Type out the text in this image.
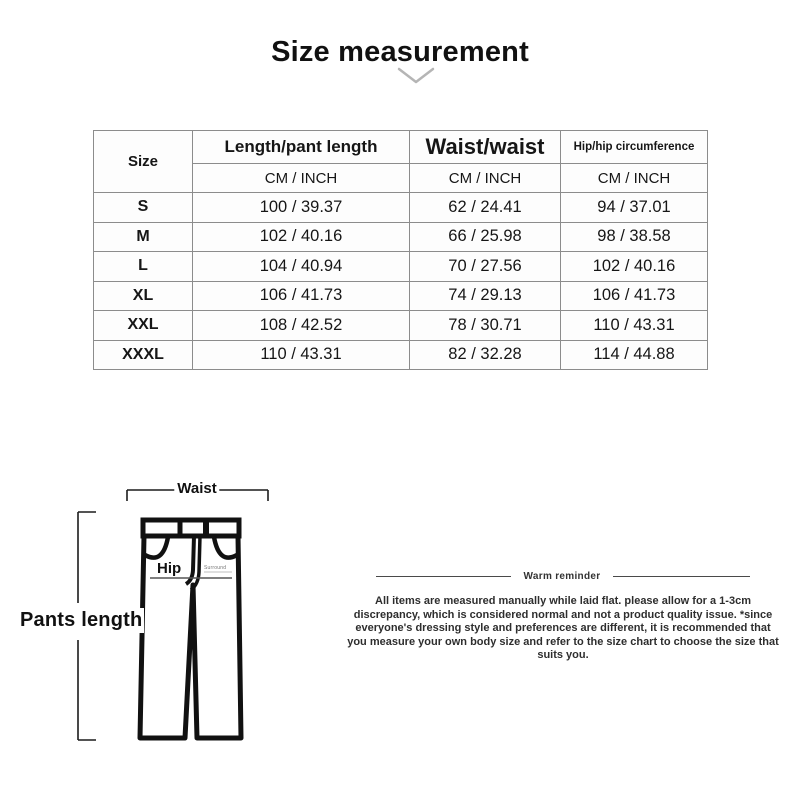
Size measurement
Size	Length/pant length	Waist/waist	Hip/hip circumference
	CM / INCH	CM / INCH	CM / INCH
S	100 / 39.37	62 / 24.41	94 / 37.01
M	102 / 40.16	66 / 25.98	98 / 38.58
L	104 / 40.94	70 / 27.56	102 / 40.16
XL	106 / 41.73	74 / 29.13	106 / 41.73
XXL	108 / 42.52	78 / 30.71	110 / 43.31
XXXL	110 / 43.31	82 / 32.28	114 / 44.88
Waist
Pants length
Hip	Surround
Warm reminder
All items are measured manually while laid flat. please allow for a 1-3cm discrepancy, which is considered normal and not a product quality issue. *since everyone's dressing style and preferences are different, it is recommended that you measure your own body size and refer to the size chart to choose the size that suits you.
